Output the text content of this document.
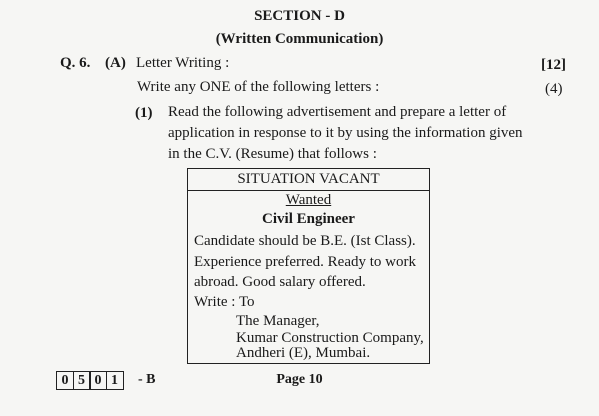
SECTION - D
(Written Communication)
Q. 6. (A) Letter Writing :	[12]
Write any ONE of the following letters :	(4)
(1) Read the following advertisement and prepare a letter of
application in response to it by using the information given
in the C.V. (Resume) that follows :
SITUATION VACANT
Wanted
Civil Engineer
Candidate should be B.E. (Ist Class).
Experience preferred. Ready to work
abroad. Good salary offered.
Write : To
The Manager,
Kumar Construction Company,
Andheri (E), Mumbai.
0 5 0 1	- B	Page 10
